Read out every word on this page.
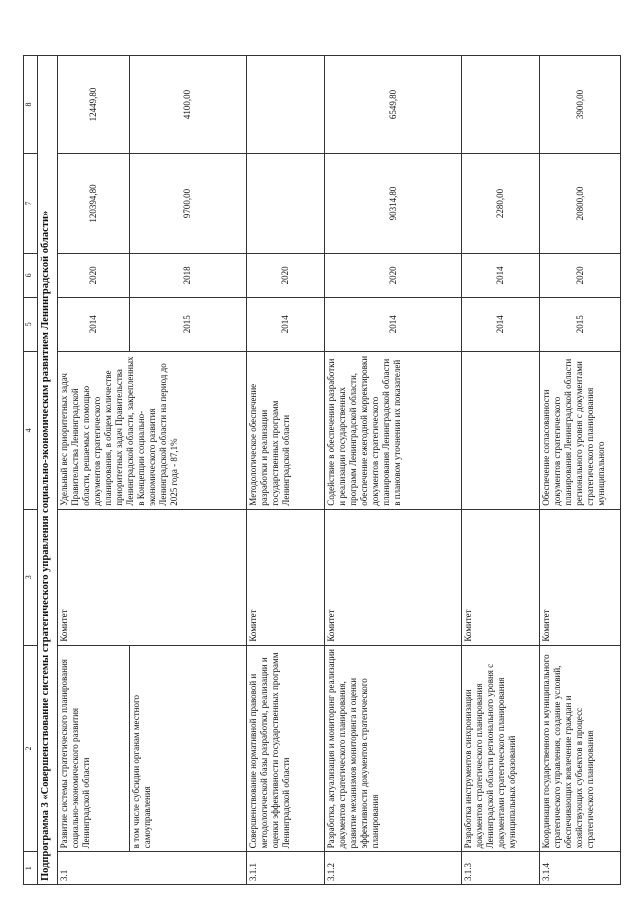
1	2	3	4	5	6	7	8
Подпрограмма 3 «Совершенствование системы стратегического управления социально-экономическим развитием Ленинградской области»							
3.1	Развитие системы стратегического планирования социально-экономического развития Ленинградской области	Комитет	Удельный вес приоритетных задач Правительства Ленинградской области, решаемых с помощью документов стратегического планирования, в общем количестве приоритетных задач Правительства Ленинградской области, закрепленных в Концепции социально-экономического развития Ленинградской области на период до 2025 года - 87,1%	2014	2020	120394,80	12449,80
	в том числе субсидии органам местного самоуправления			2015	2018	9700,00	4100,00
3.1.1	Совершенствование нормативной правовой и методологической базы разработки, реализации и оценки эффективности государственных программ Ленинградской области	Комитет	Методологическое обеспечение разработки и реализации государственных программ Ленинградской области	2014	2020		
3.1.2	Разработка, актуализация и мониторинг реализации документов стратегического планирования, развитие механизмов мониторинга и оценки эффективности документов стратегического планирования	Комитет	Содействие в обеспечении разработки и реализации государственных программ Ленинградской области, обеспечение ежегодной корректировки документов стратегического планирования Ленинградской области в плановом уточнении их показателей	2014	2020	90314,80	6549,80
3.1.3	Разработка инструментов синхронизации документов стратегического планирования Ленинградской области регионального уровня с документами стратегического планирования муниципальных образований	Комитет		2014	2014	2280,00	
3.1.4	Координация государственного и муниципального стратегического управления, создание условий, обеспечивающих вовлечение граждан и хозяйствующих субъектов в процесс стратегического планирования	Комитет	Обеспечение согласованности документов стратегического планирования Ленинградской области регионального уровня с документами стратегического планирования муниципального	2015	2020	20800,00	3900,00
